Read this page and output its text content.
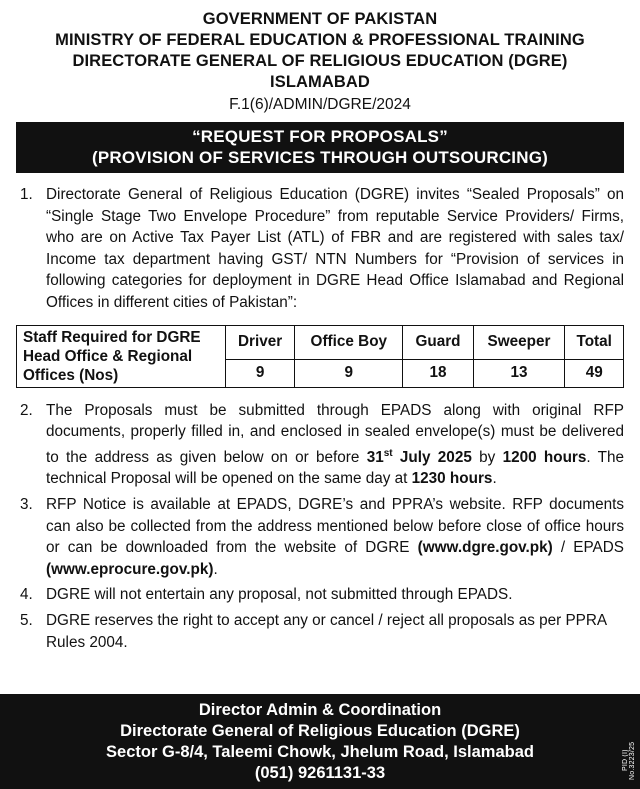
GOVERNMENT OF PAKISTAN
MINISTRY OF FEDERAL EDUCATION & PROFESSIONAL TRAINING
DIRECTORATE GENERAL OF RELIGIOUS EDUCATION (DGRE)
ISLAMABAD
F.1(6)/ADMIN/DGRE/2024
“REQUEST FOR PROPOSALS”
(PROVISION OF SERVICES THROUGH OUTSOURCING)
1. Directorate General of Religious Education (DGRE) invites “Sealed Proposals” on “Single Stage Two Envelope Procedure” from reputable Service Providers/ Firms, who are on Active Tax Payer List (ATL) of FBR and are registered with sales tax/ Income tax department having GST/ NTN Numbers for “Provision of services in following categories for deployment in DGRE Head Office Islamabad and Regional Offices in different cities of Pakistan”:
Staff Required for DGRE Head Office & Regional Offices (Nos)	Driver	Office Boy	Guard	Sweeper	Total
	9	9	18	13	49
2. The Proposals must be submitted through EPADS along with original RFP documents, properly filled in, and enclosed in sealed envelope(s) must be delivered to the address as given below on or before 31st July 2025 by 1200 hours. The technical Proposal will be opened on the same day at 1230 hours.
3. RFP Notice is available at EPADS, DGRE’s and PPRA’s website. RFP documents can also be collected from the address mentioned below before close of office hours or can be downloaded from the website of DGRE (www.dgre.gov.pk) / EPADS (www.eprocure.gov.pk).
4. DGRE will not entertain any proposal, not submitted through EPADS.
5. DGRE reserves the right to accept any or cancel / reject all proposals as per PPRA Rules 2004.
Director Admin & Coordination
Directorate General of Religious Education (DGRE)
Sector G-8/4, Taleemi Chowk, Jhelum Road, Islamabad
(051) 9261131-33
PID (I) No.3223/25
